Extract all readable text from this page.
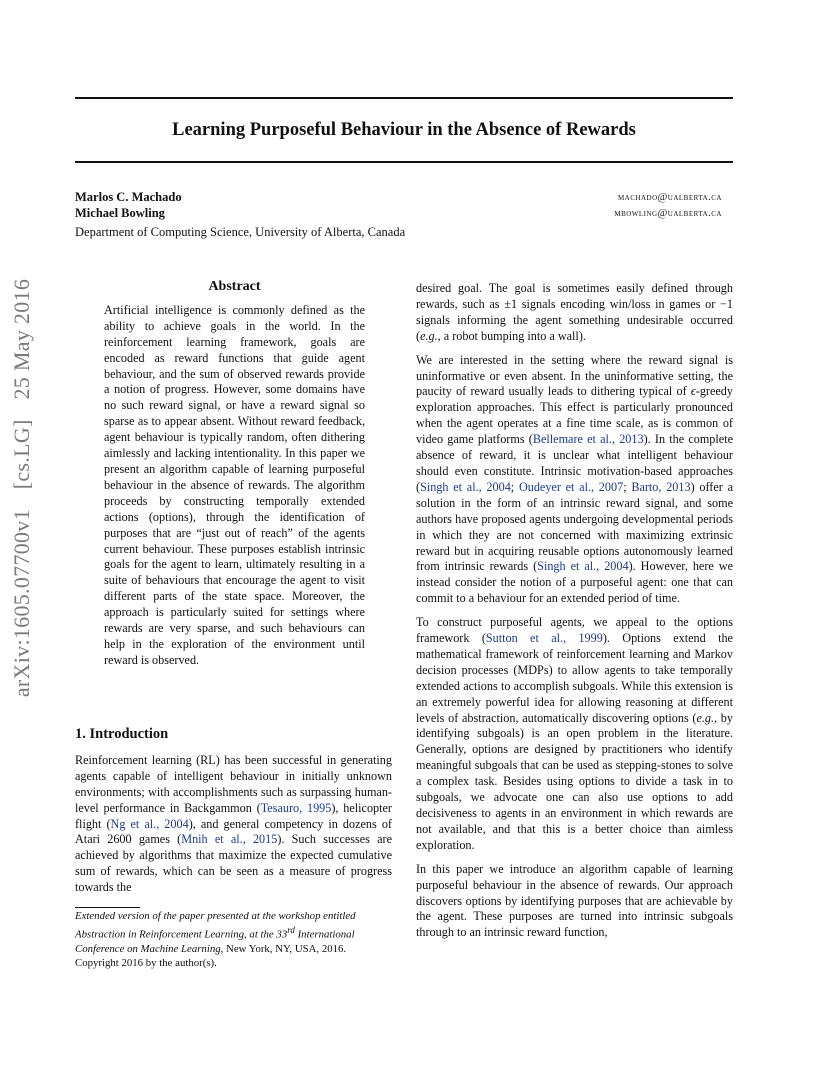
Learning Purposeful Behaviour in the Absence of Rewards
Marlos C. Machado
Michael Bowling
machado@ualberta.ca
mbowling@ualberta.ca
Department of Computing Science, University of Alberta, Canada
arXiv:1605.07700v1 [cs.LG] 25 May 2016	Abstract
Artificial intelligence is commonly defined as the ability to achieve goals in the world. In the reinforcement learning framework, goals are encoded as reward functions that guide agent behaviour, and the sum of observed rewards provide a notion of progress. However, some domains have no such reward signal, or have a reward signal so sparse as to appear absent. Without reward feedback, agent behaviour is typically random, often dithering aimlessly and lacking intentionality. In this paper we present an algorithm capable of learning purposeful behaviour in the absence of rewards. The algorithm proceeds by constructing temporally extended actions (options), through the identification of purposes that are “just out of reach” of the agents current behaviour. These purposes establish intrinsic goals for the agent to learn, ultimately resulting in a suite of behaviours that encourage the agent to visit different parts of the state space. Moreover, the approach is particularly suited for settings where rewards are very sparse, and such behaviours can help in the exploration of the environment until reward is observed.
1. Introduction
Reinforcement learning (RL) has been successful in generating agents capable of intelligent behaviour in initially unknown environments; with accomplishments such as surpassing human-level performance in Backgammon (Tesauro, 1995), helicopter flight (Ng et al., 2004), and general competency in dozens of Atari 2600 games (Mnih et al., 2015). Such successes are achieved by algorithms that maximize the expected cumulative sum of rewards, which can be seen as a measure of progress towards the
Extended version of the paper presented at the workshop entitled Abstraction in Reinforcement Learning, at the 33rd International Conference on Machine Learning, New York, NY, USA, 2016. Copyright 2016 by the author(s).

desired goal. The goal is sometimes easily defined through rewards, such as ±1 signals encoding win/loss in games or −1 signals informing the agent something undesirable occurred (e.g., a robot bumping into a wall).

We are interested in the setting where the reward signal is uninformative or even absent. In the uninformative setting, the paucity of reward usually leads to dithering typical of ϵ-greedy exploration approaches. This effect is particularly pronounced when the agent operates at a fine time scale, as is common of video game platforms (Bellemare et al., 2013). In the complete absence of reward, it is unclear what intelligent behaviour should even constitute. Intrinsic motivation-based approaches (Singh et al., 2004; Oudeyer et al., 2007; Barto, 2013) offer a solution in the form of an intrinsic reward signal, and some authors have proposed agents undergoing developmental periods in which they are not concerned with maximizing extrinsic reward but in acquiring reusable options autonomously learned from intrinsic rewards (Singh et al., 2004). However, here we instead consider the notion of a purposeful agent: one that can commit to a behaviour for an extended period of time.

To construct purposeful agents, we appeal to the options framework (Sutton et al., 1999). Options extend the mathematical framework of reinforcement learning and Markov decision processes (MDPs) to allow agents to take temporally extended actions to accomplish subgoals. While this extension is an extremely powerful idea for allowing reasoning at different levels of abstraction, automatically discovering options (e.g., by identifying subgoals) is an open problem in the literature. Generally, options are designed by practitioners who identify meaningful subgoals that can be used as stepping-stones to solve a complex task. Besides using options to divide a task in to subgoals, we advocate one can also use options to add decisiveness to agents in an environment in which rewards are not available, and that this is a better choice than aimless exploration.

In this paper we introduce an algorithm capable of learning purposeful behaviour in the absence of rewards. Our approach discovers options by identifying purposes that are achievable by the agent. These purposes are turned into intrinsic subgoals through to an intrinsic reward function,
